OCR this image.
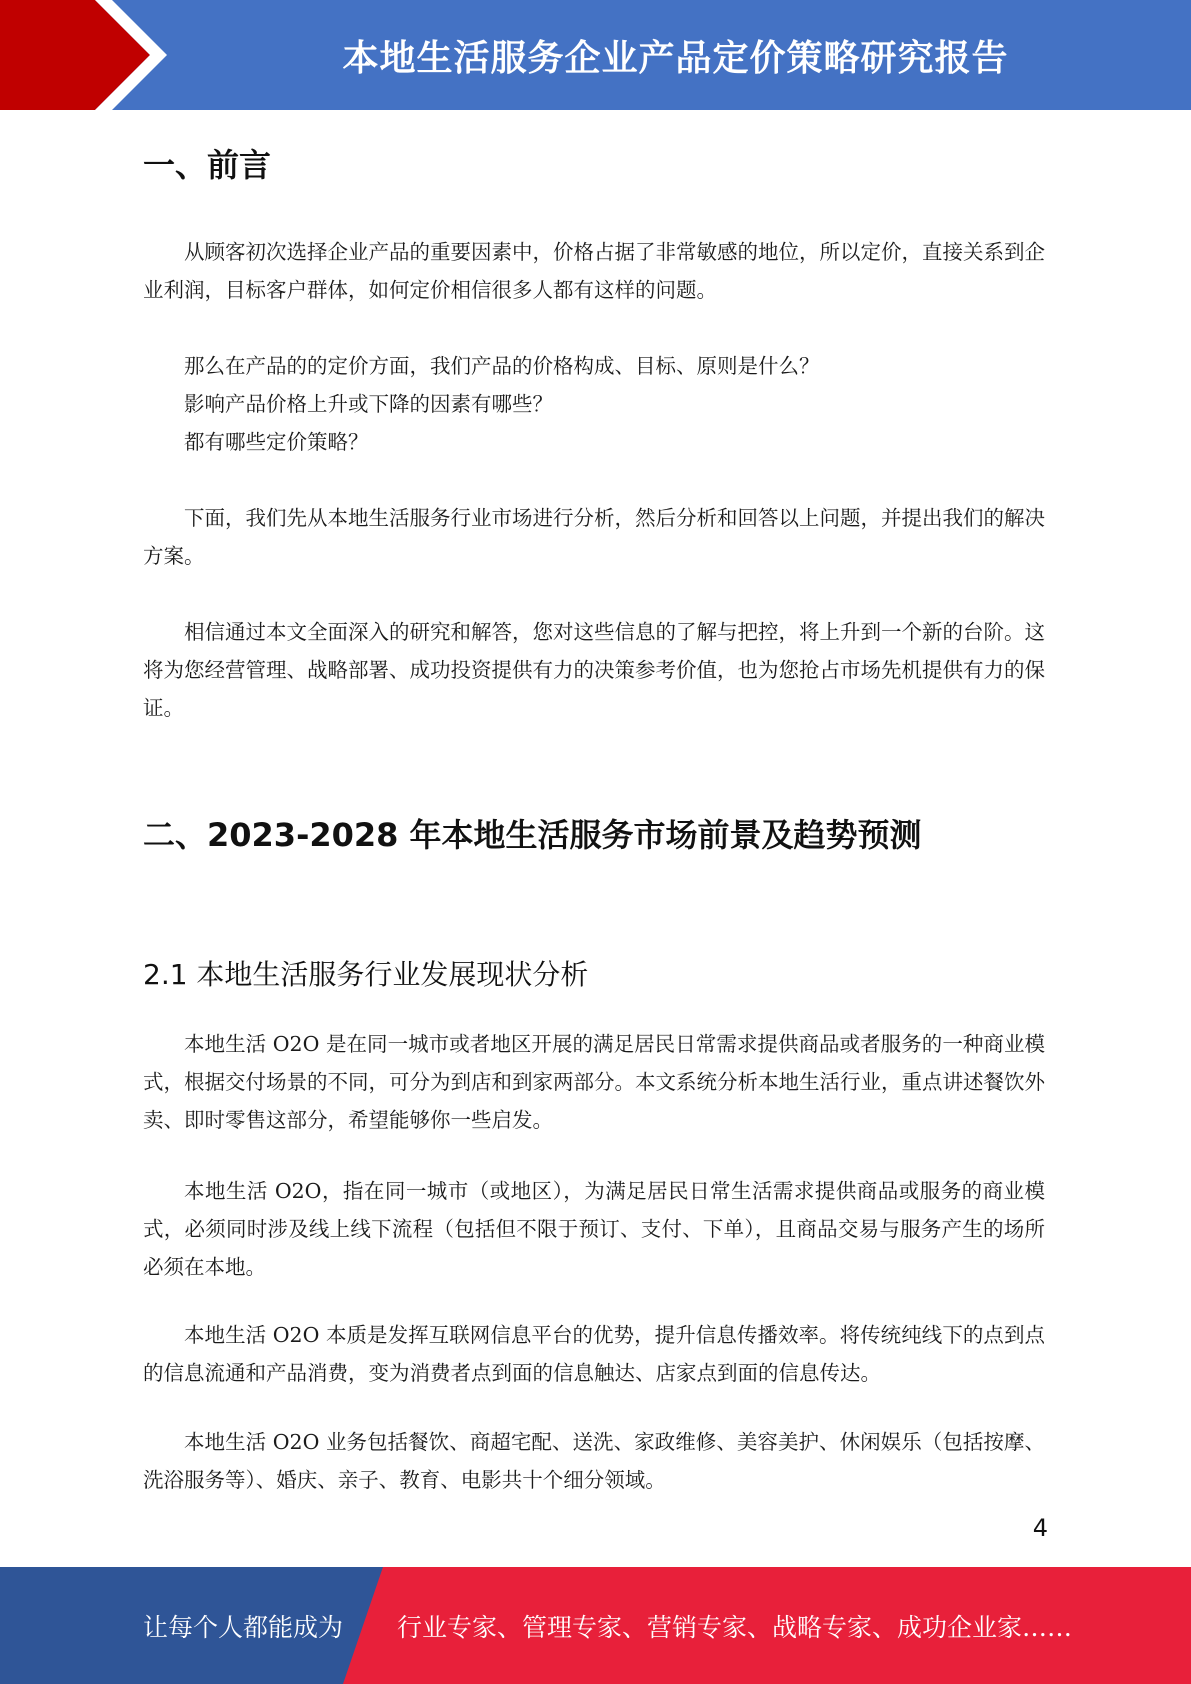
本地生活服务企业产品定价策略研究报告
一、前言

从顾客初次选择企业产品的重要因素中，价格占据了非常敏感的地位，所以定价，直接关系到企业利润，目标客户群体，如何定价相信很多人都有这样的问题。

那么在产品的的定价方面，我们产品的价格构成、目标、原则是什么？

影响产品价格上升或下降的因素有哪些？

都有哪些定价策略？

下面，我们先从本地生活服务行业市场进行分析，然后分析和回答以上问题，并提出我们的解决方案。

相信通过本文全面深入的研究和解答，您对这些信息的了解与把控，将上升到一个新的台阶。这将为您经营管理、战略部署、成功投资提供有力的决策参考价值，也为您抢占市场先机提供有力的保证。

二、2023-2028 年本地生活服务市场前景及趋势预测
2.1 本地生活服务行业发展现状分析

本地生活 O2O 是在同一城市或者地区开展的满足居民日常需求提供商品或者服务的一种商业模式，根据交付场景的不同，可分为到店和到家两部分。本文系统分析本地生活行业，重点讲述餐饮外卖、即时零售这部分，希望能够你一些启发。

本地生活 O2O，指在同一城市（或地区），为满足居民日常生活需求提供商品或服务的商业模式，必须同时涉及线上线下流程（包括但不限于预订、支付、下单），且商品交易与服务产生的场所必须在本地。

本地生活 O2O 本质是发挥互联网信息平台的优势，提升信息传播效率。将传统纯线下的点到点的信息流通和产品消费，变为消费者点到面的信息触达、店家点到面的信息传达。

本地生活 O2O 业务包括餐饮、商超宅配、送洗、家政维修、美容美护、休闲娱乐（包括按摩、洗浴服务等）、婚庆、亲子、教育、电影共十个细分领域。

4
让每个人都能成为 行业专家、管理专家、营销专家、战略专家、成功企业家……
